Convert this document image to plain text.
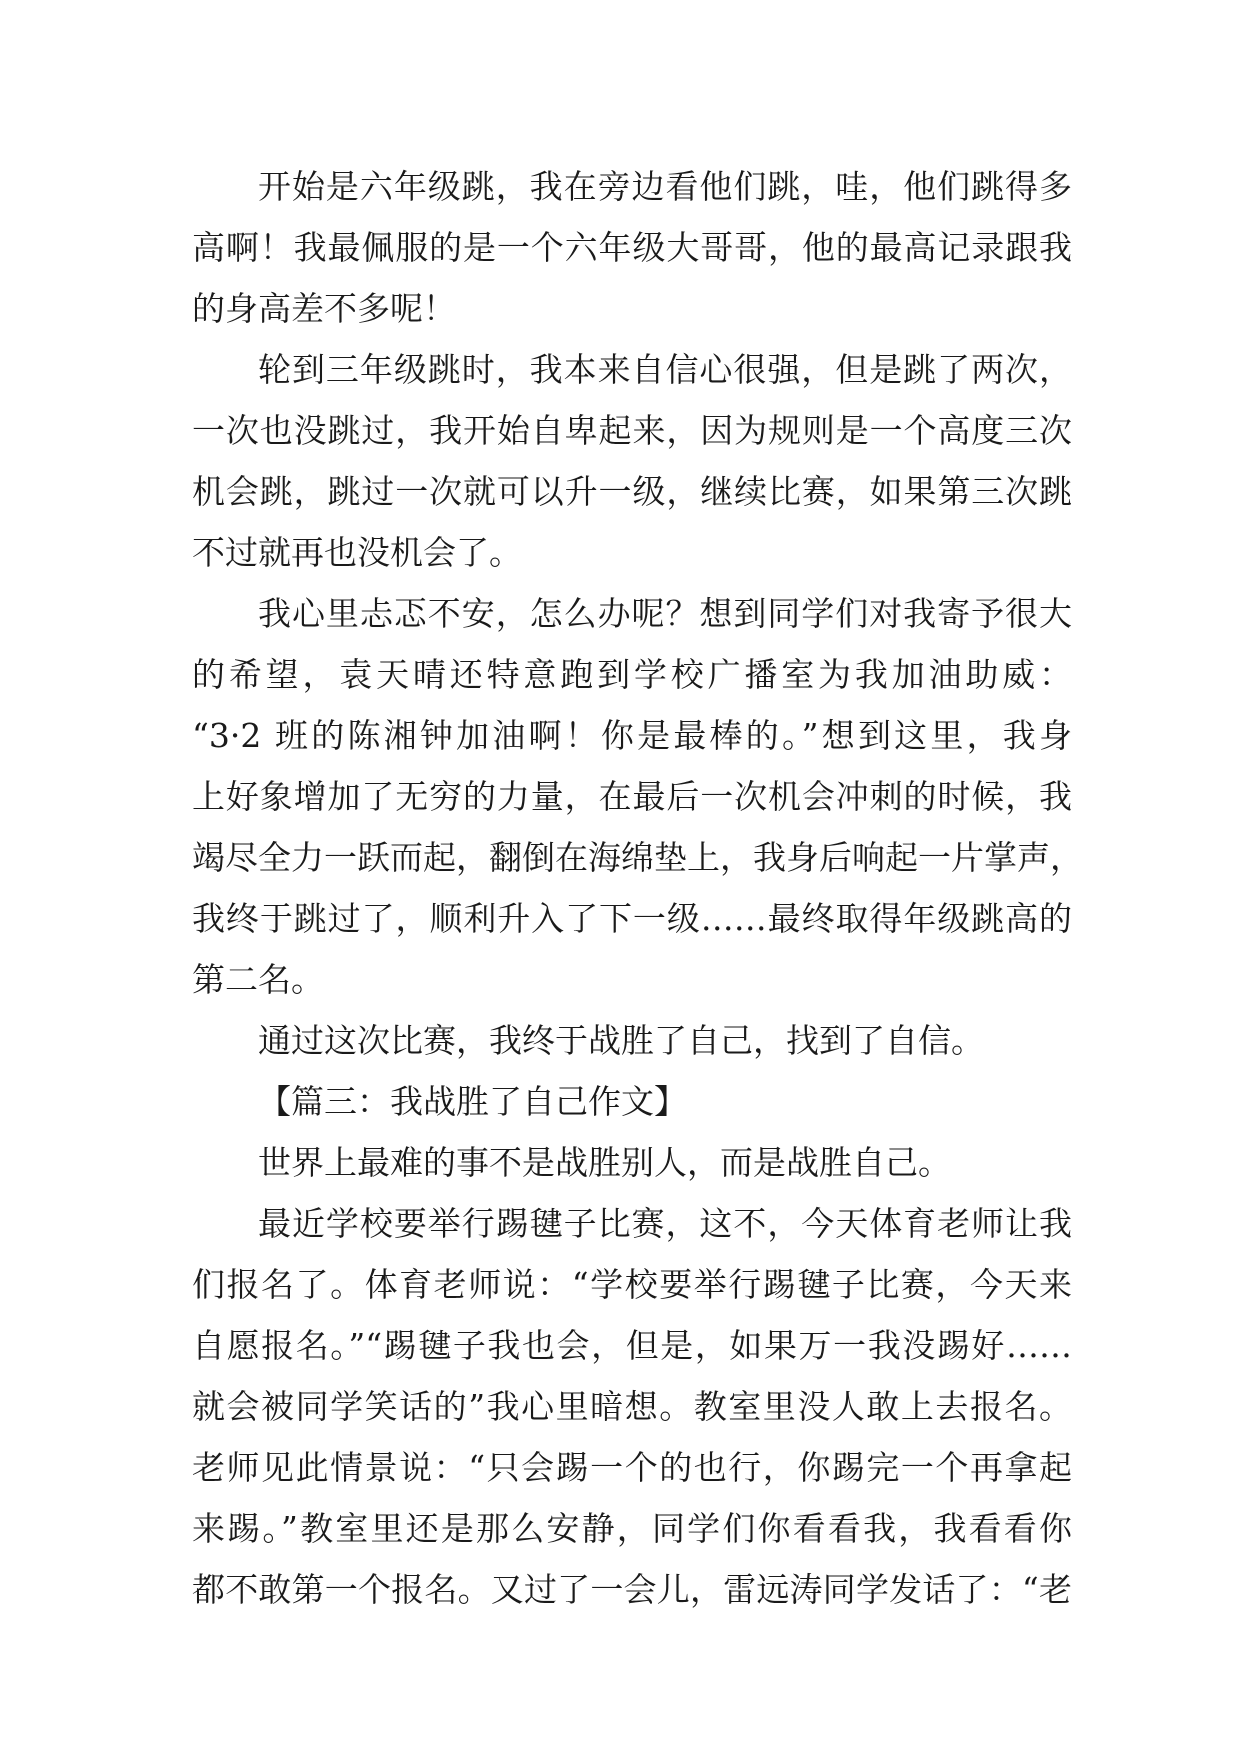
开始是六年级跳，我在旁边看他们跳，哇，他们跳得多
高啊！我最佩服的是一个六年级大哥哥，他的最高记录跟我
的身高差不多呢！
轮到三年级跳时，我本来自信心很强，但是跳了两次，
一次也没跳过，我开始自卑起来，因为规则是一个高度三次
机会跳，跳过一次就可以升一级，继续比赛，如果第三次跳
不过就再也没机会了。
我心里忐忑不安，怎么办呢？想到同学们对我寄予很大
的希望，袁天晴还特意跑到学校广播室为我加油助威：
“3·2 班的陈湘钟加油啊！你是最棒的。”想到这里，我身
上好象增加了无穷的力量，在最后一次机会冲刺的时候，我
竭尽全力一跃而起，翻倒在海绵垫上，我身后响起一片掌声，
我终于跳过了，顺利升入了下一级……最终取得年级跳高的
第二名。
通过这次比赛，我终于战胜了自己，找到了自信。
【篇三：我战胜了自己作文】
世界上最难的事不是战胜别人，而是战胜自己。
最近学校要举行踢毽子比赛，这不，今天体育老师让我
们报名了。体育老师说：“学校要举行踢毽子比赛，今天来
自愿报名。”“踢毽子我也会，但是，如果万一我没踢好……
就会被同学笑话的”我心里暗想。教室里没人敢上去报名。
老师见此情景说：“只会踢一个的也行，你踢完一个再拿起
来踢。”教室里还是那么安静，同学们你看看我，我看看你
都不敢第一个报名。又过了一会儿，雷远涛同学发话了：“老
